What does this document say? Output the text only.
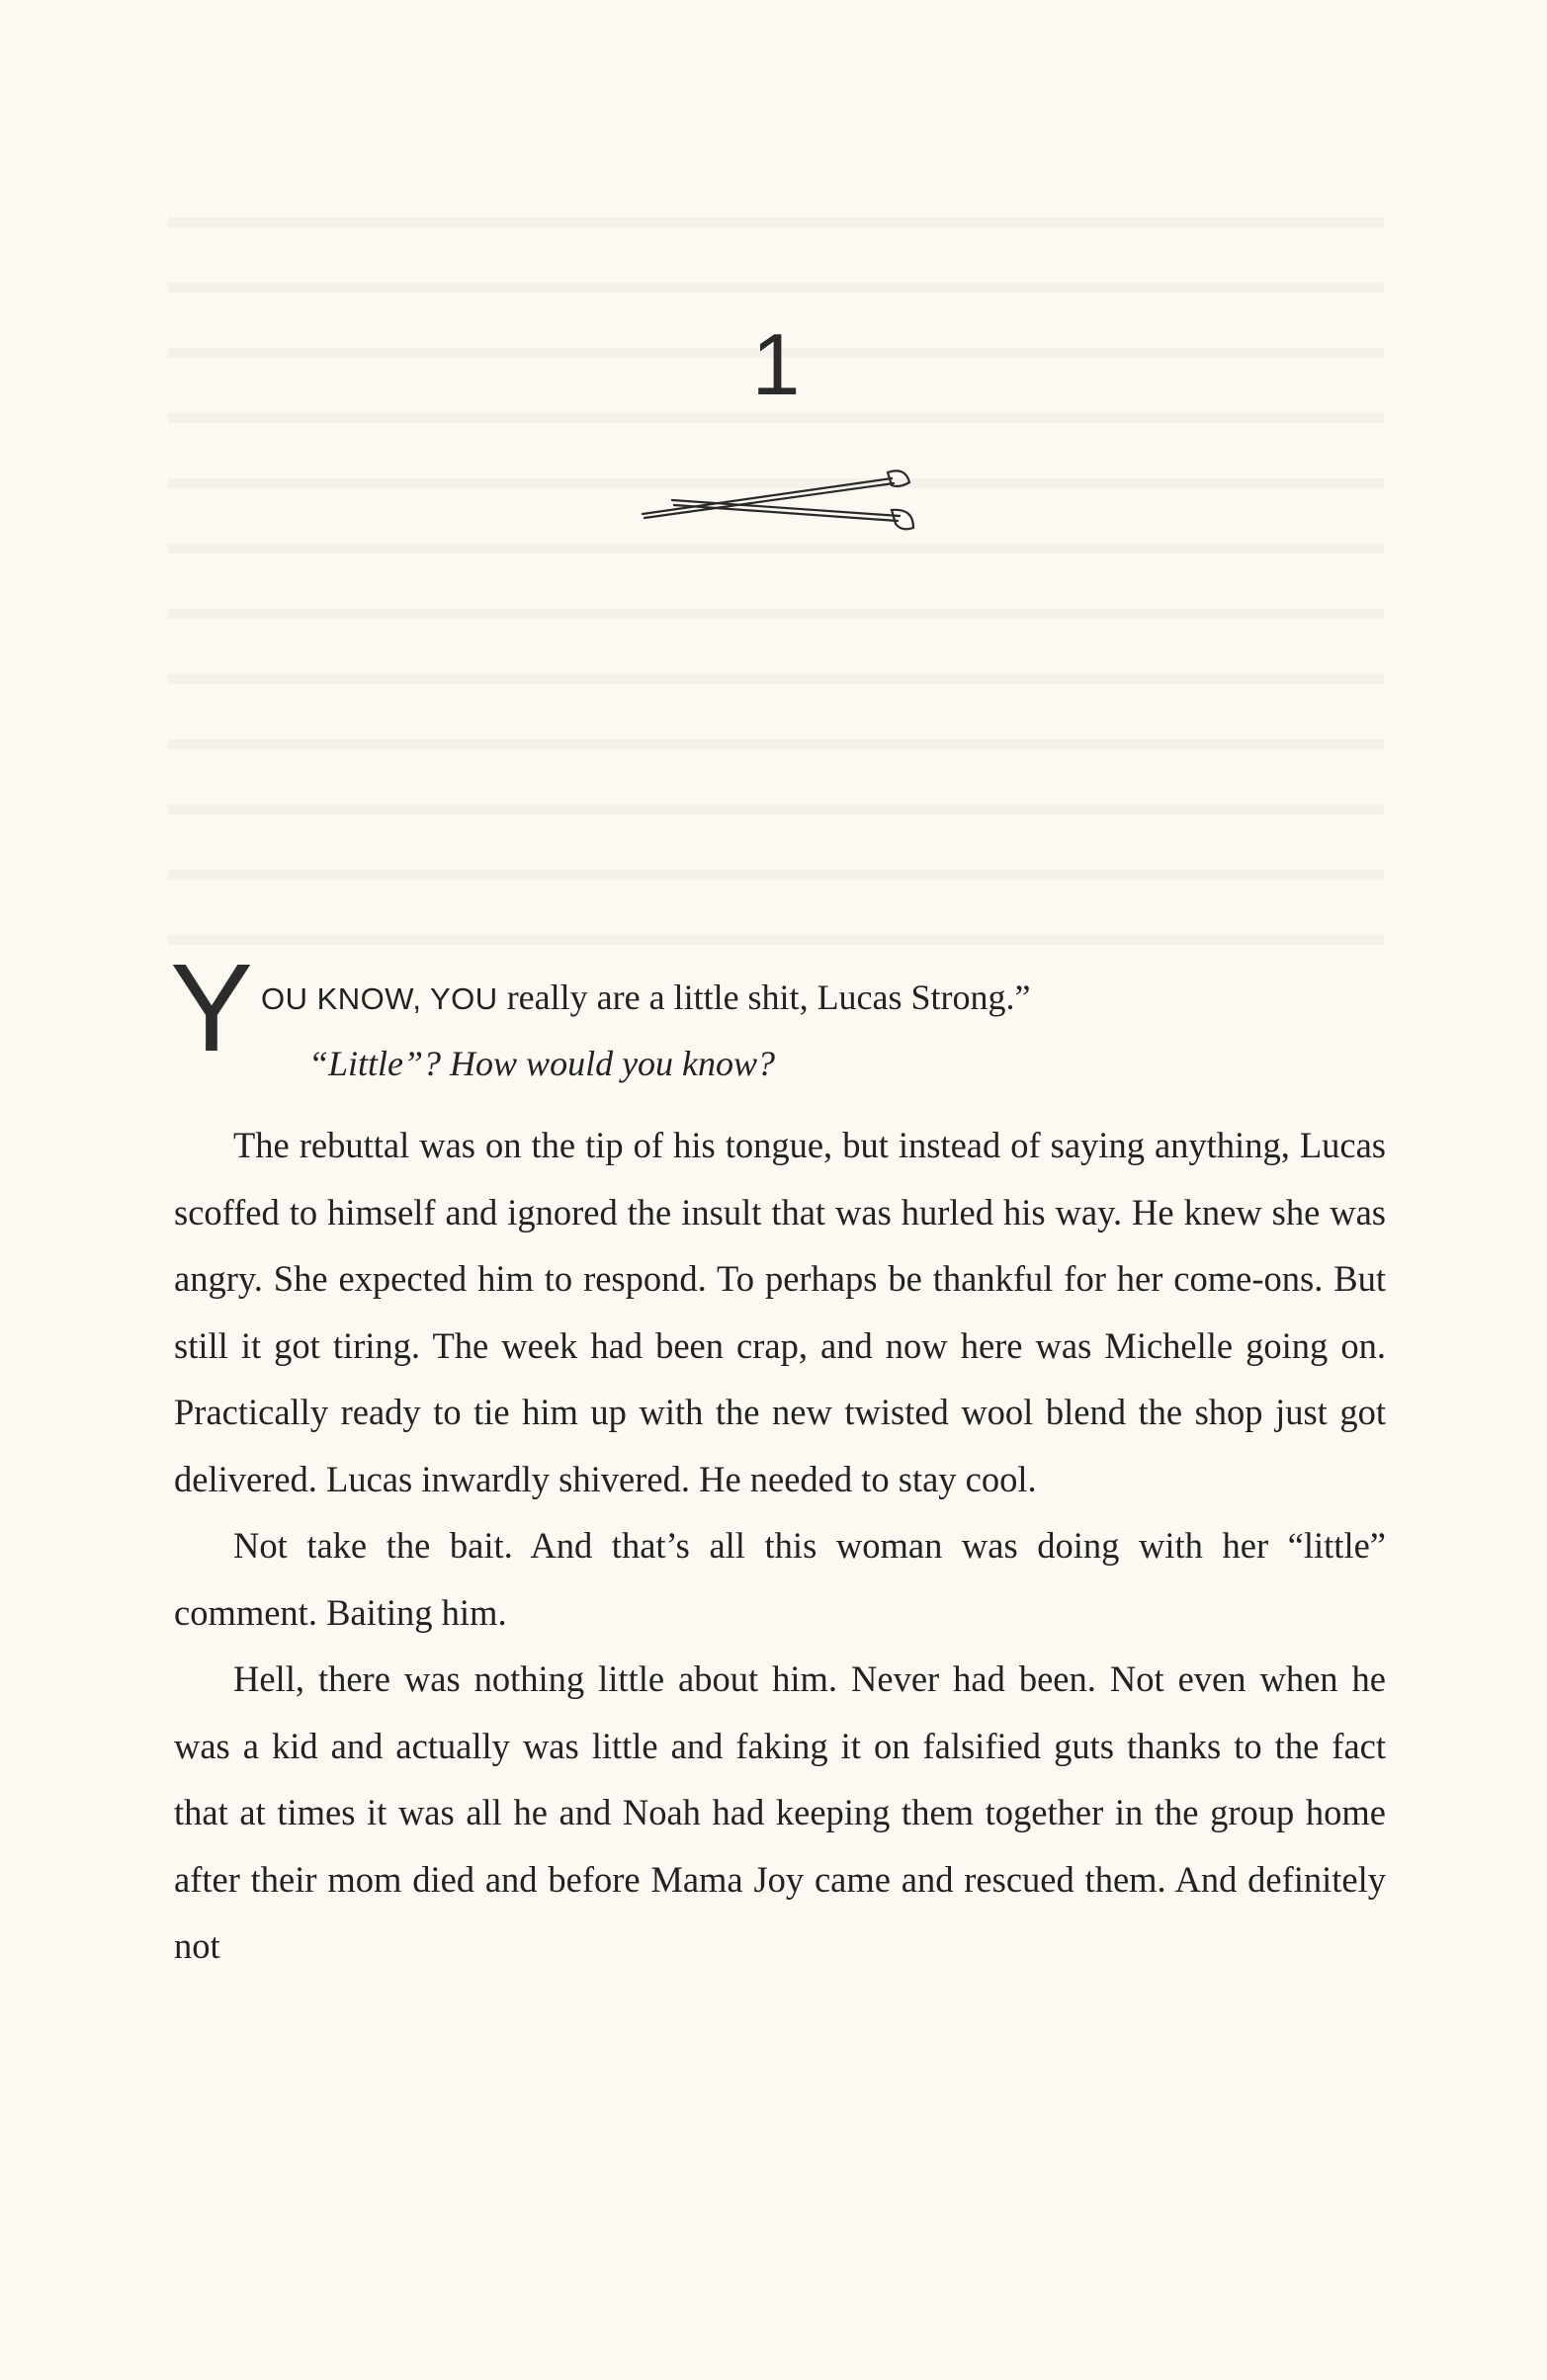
1
Y OU KNOW, YOU really are a little shit, Lucas Strong.”
“Little”? How would you know?

The rebuttal was on the tip of his tongue, but instead of saying anything, Lucas scoffed to himself and ignored the insult that was hurled his way. He knew she was angry. She expected him to respond. To perhaps be thankful for her come-ons. But still it got tiring. The week had been crap, and now here was Michelle going on. Practically ready to tie him up with the new twisted wool blend the shop just got delivered. Lucas inwardly shivered. He needed to stay cool.

Not take the bait. And that’s all this woman was doing with her “little” comment. Baiting him.

Hell, there was nothing little about him. Never had been. Not even when he was a kid and actually was little and faking it on falsified guts thanks to the fact that at times it was all he and Noah had keeping them together in the group home after their mom died and before Mama Joy came and rescued them. And definitely not
